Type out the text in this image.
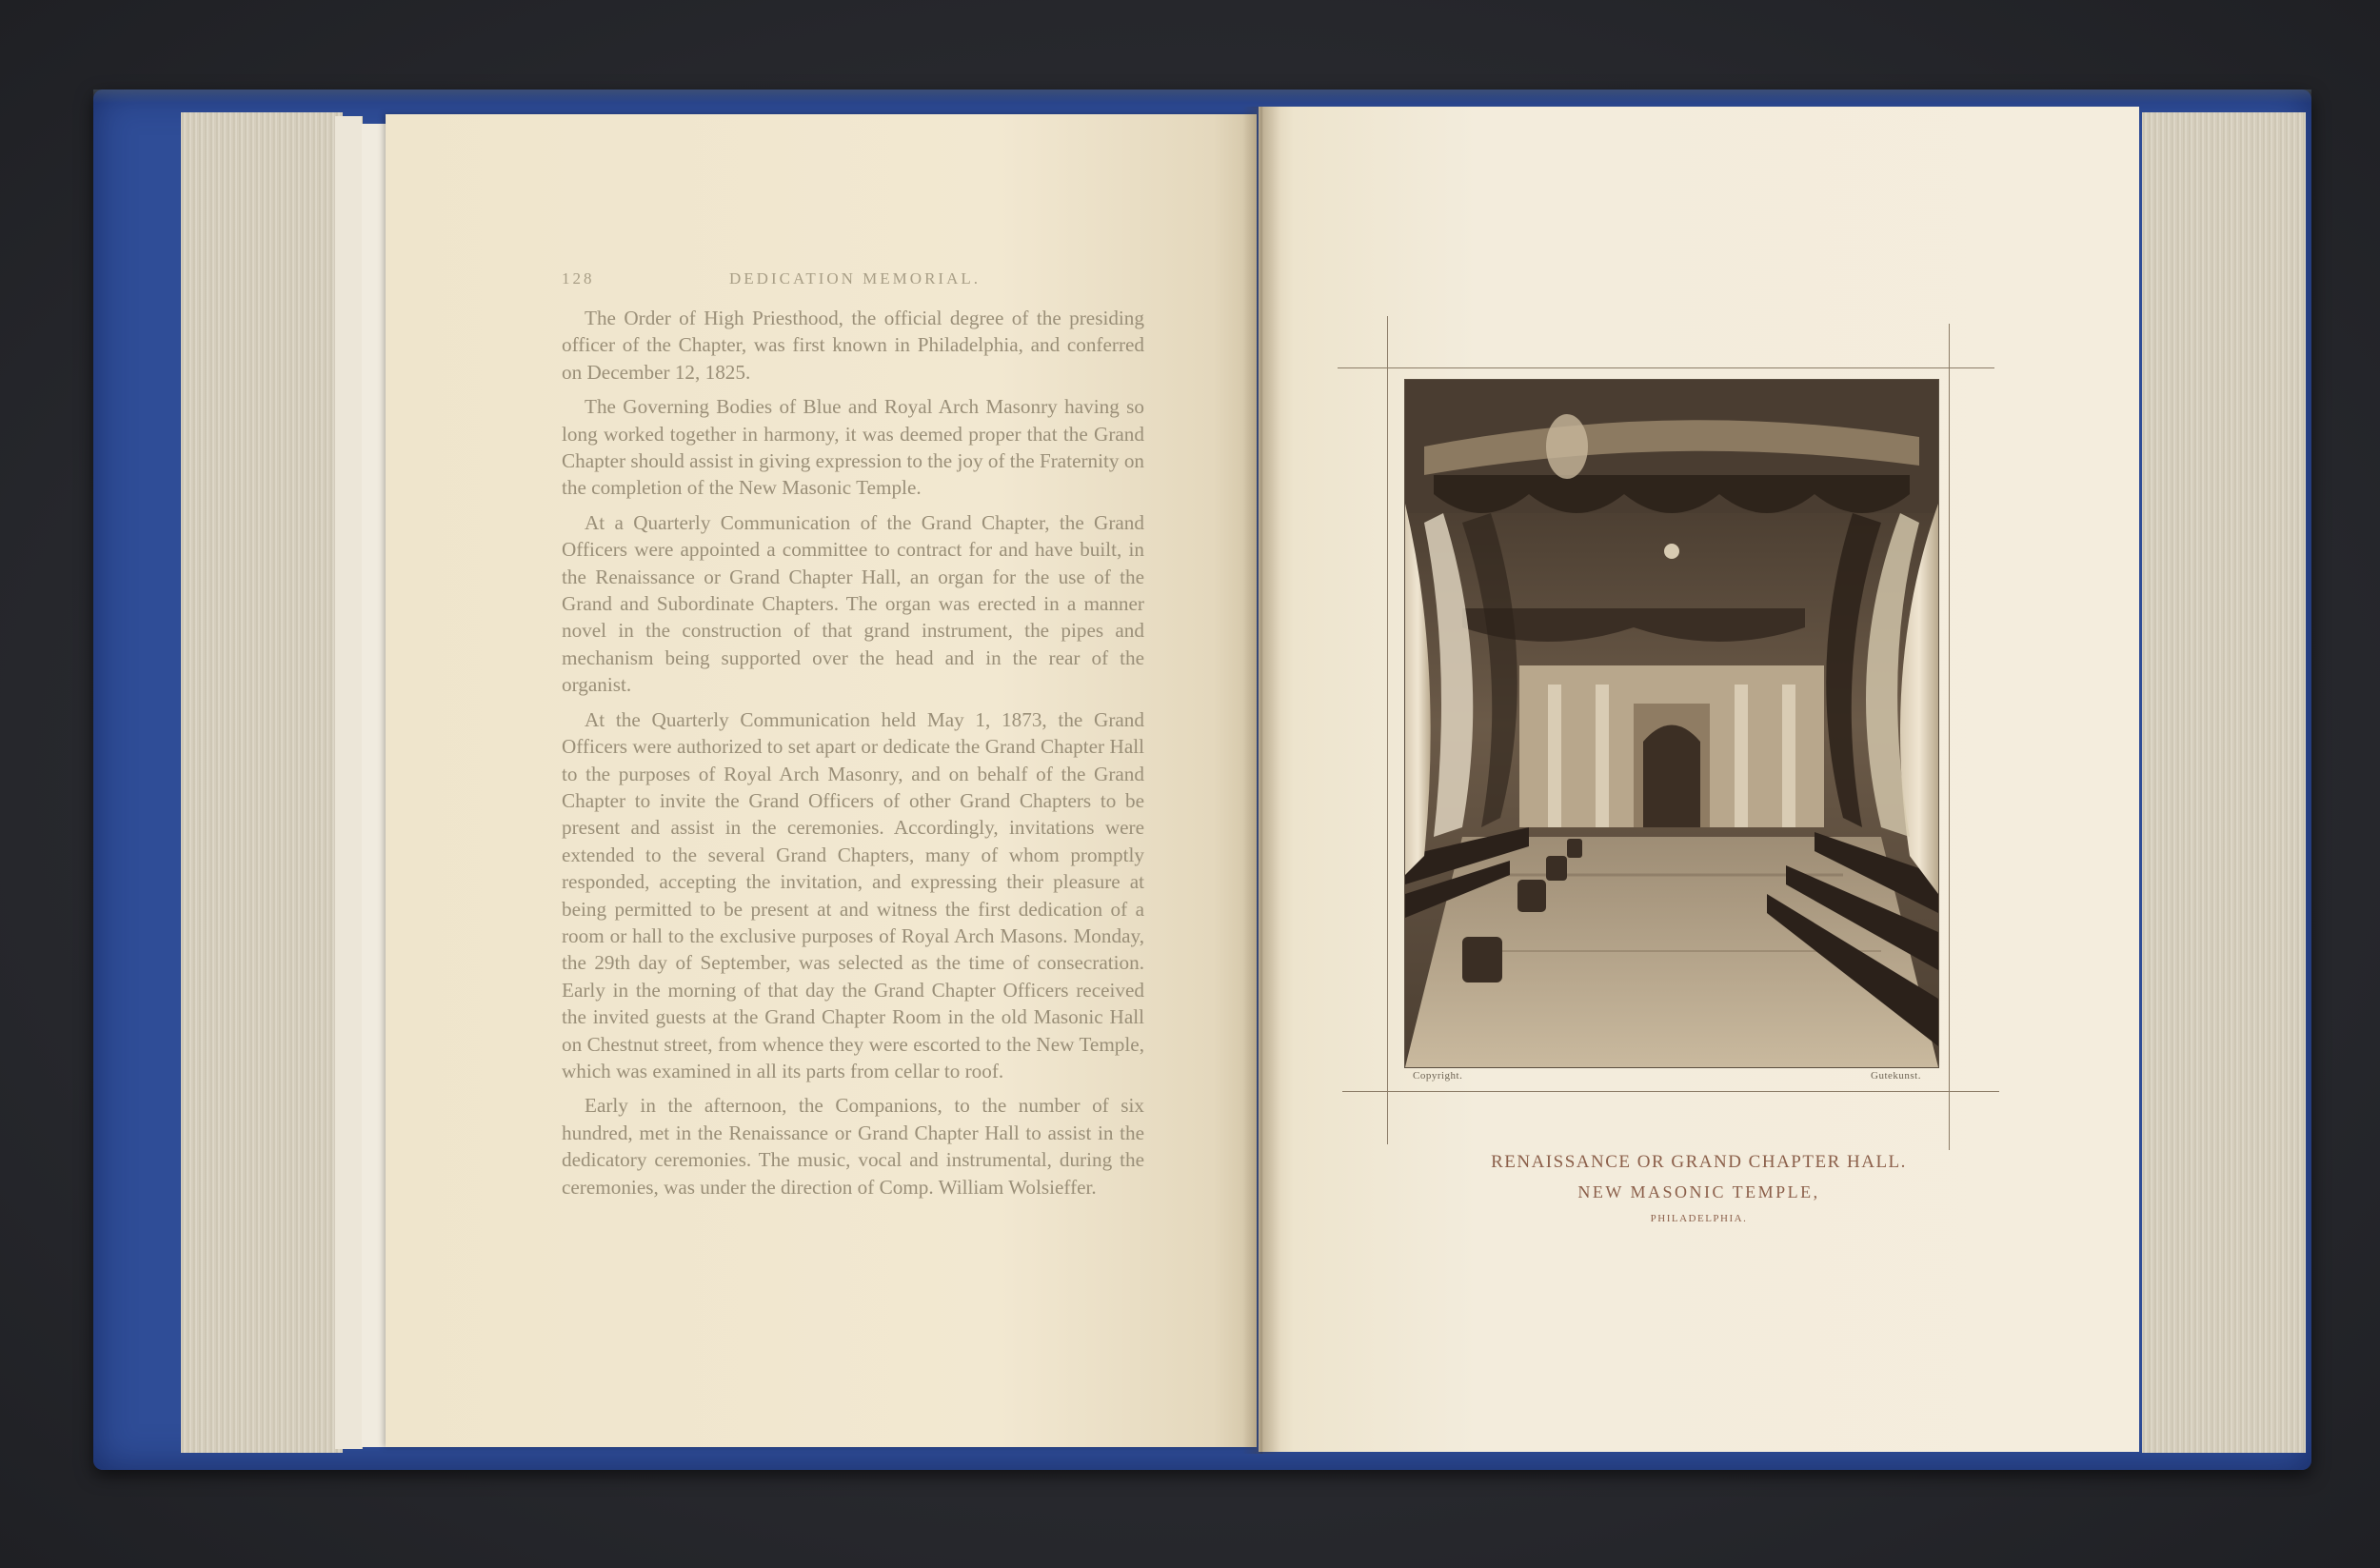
128	DEDICATION MEMORIAL.

The Order of High Priesthood, the official degree of the presiding officer of the Chapter, was first known in Philadelphia, and conferred on December 12, 1825.

The Governing Bodies of Blue and Royal Arch Masonry having so long worked together in harmony, it was deemed proper that the Grand Chapter should assist in giving expression to the joy of the Fraternity on the completion of the New Masonic Temple.

At a Quarterly Communication of the Grand Chapter, the Grand Officers were appointed a committee to contract for and have built, in the Renaissance or Grand Chapter Hall, an organ for the use of the Grand and Subordinate Chapters. The organ was erected in a manner novel in the construction of that grand instrument, the pipes and mechanism being supported over the head and in the rear of the organist.

At the Quarterly Communication held May 1, 1873, the Grand Officers were authorized to set apart or dedicate the Grand Chapter Hall to the purposes of Royal Arch Masonry, and on behalf of the Grand Chapter to invite the Grand Officers of other Grand Chapters to be present and assist in the ceremonies. Accordingly, invitations were extended to the several Grand Chapters, many of whom promptly responded, accepting the invitation, and expressing their pleasure at being permitted to be present at and witness the first dedication of a room or hall to the exclusive purposes of Royal Arch Masons. Monday, the 29th day of September, was selected as the time of consecration. Early in the morning of that day the Grand Chapter Officers received the invited guests at the Grand Chapter Room in the old Masonic Hall on Chestnut street, from whence they were escorted to the New Temple, which was examined in all its parts from cellar to roof.

Early in the afternoon, the Companions, to the number of six hundred, met in the Renaissance or Grand Chapter Hall to assist in the dedicatory ceremonies. The music, vocal and instrumental, during the ceremonies, was under the direction of Comp. William Wolsieffer.

Copyright.	Gutekunst.
RENAISSANCE OR GRAND CHAPTER HALL.
NEW MASONIC TEMPLE,
PHILADELPHIA.
